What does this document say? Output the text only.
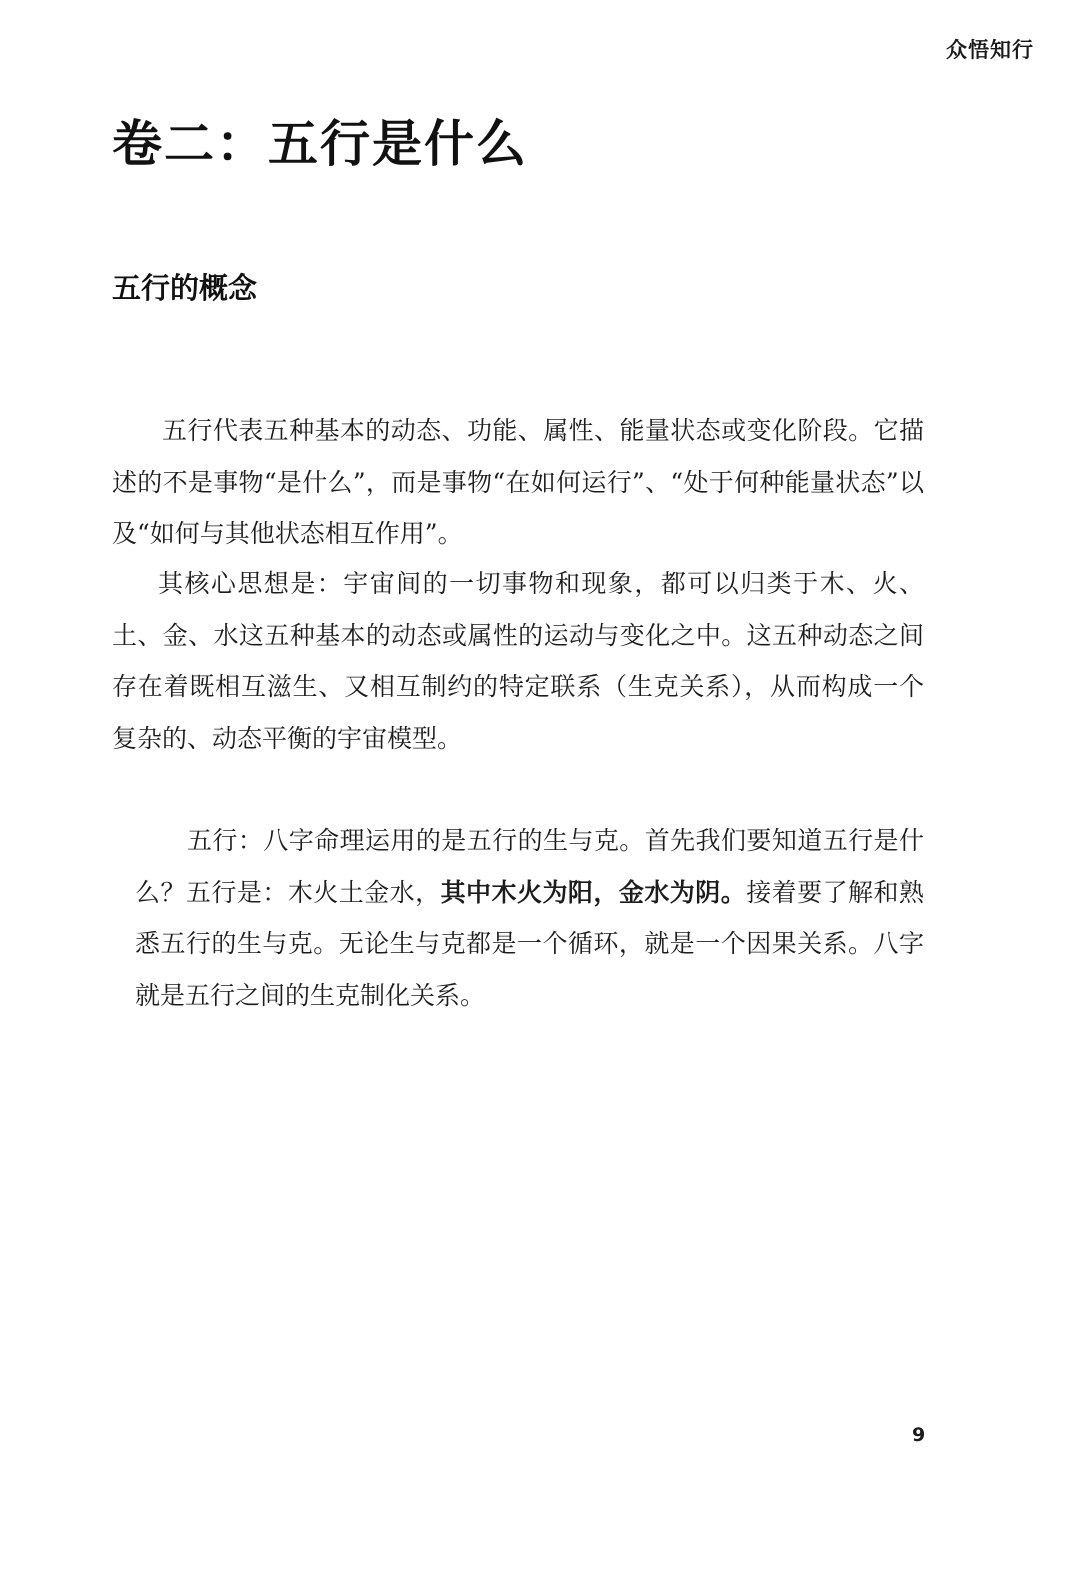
众悟知行
卷二：五行是什么
五行的概念

五行代表五种基本的动态、功能、属性、能量状态或变化阶段。它描述的不是事物“是什么”，而是事物“在如何运行”、“处于何种能量状态”以及“如何与其他状态相互作用”。

其核心思想是：宇宙间的一切事物和现象，都可以归类于木、火、土、金、水这五种基本的动态或属性的运动与变化之中。这五种动态之间存在着既相互滋生、又相互制约的特定联系（生克关系），从而构成一个复杂的、动态平衡的宇宙模型。

五行：八字命理运用的是五行的生与克。首先我们要知道五行是什么？五行是：木火土金水，其中木火为阳，金水为阴。接着要了解和熟悉五行的生与克。无论生与克都是一个循环，就是一个因果关系。八字就是五行之间的生克制化关系。

9
